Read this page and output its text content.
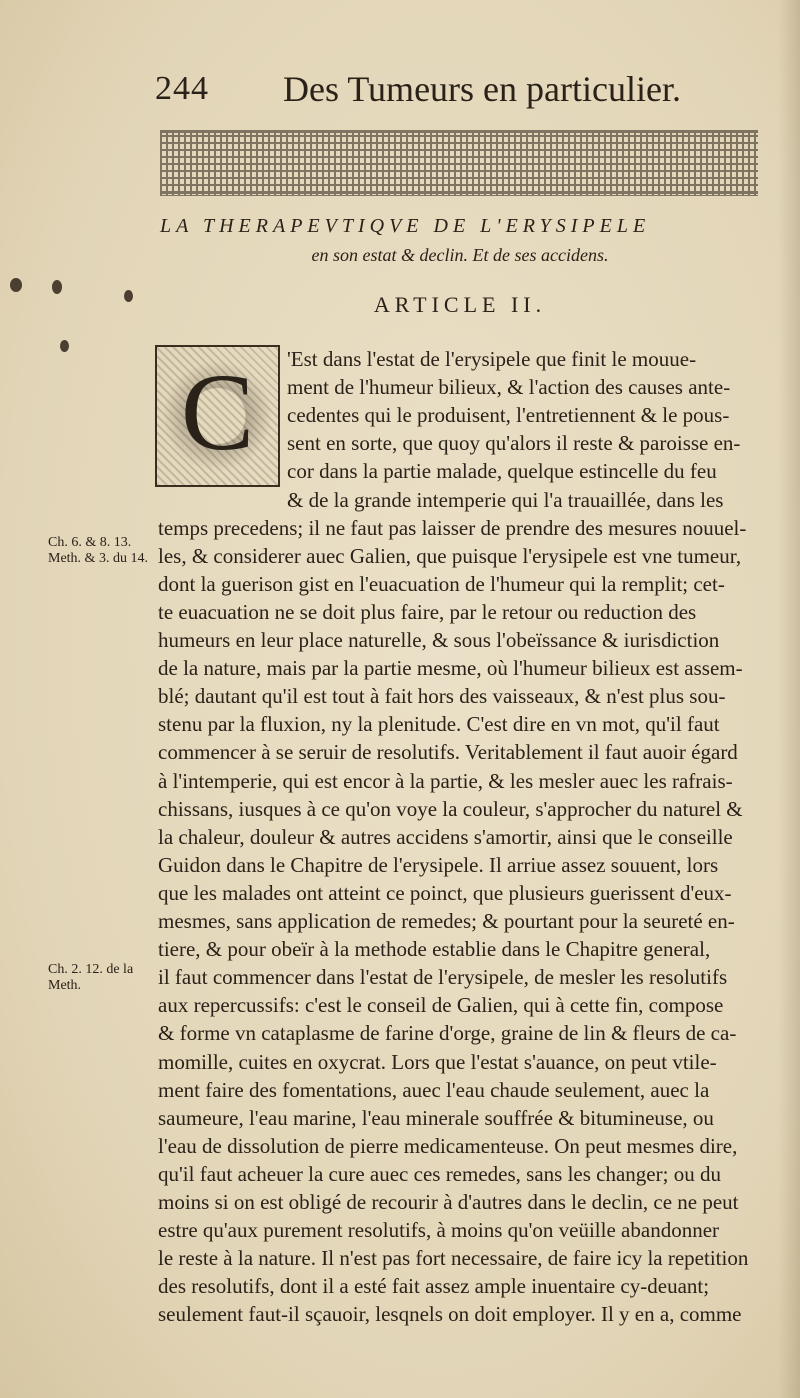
244 Des Tumeurs en particulier.
LA THERAPEVTIQVE DE L'ERYSIPELE
en son estat & declin. Et de ses accidens.
ARTICLE II.
C	'Est dans l'estat de l'erysipele que finit le mouue-
ment de l'humeur bilieux, & l'action des causes ante-
cedentes qui le produisent, l'entretiennent & le pous-
sent en sorte, que quoy qu'alors il reste & paroisse en-
cor dans la partie malade, quelque estincelle du feu
& de la grande intemperie qui l'a trauaillée, dans les
temps precedens; il ne faut pas laisser de prendre des mesures nouuel-
les, & considerer auec Galien, que puisque l'erysipele est vne tumeur,
dont la guerison gist en l'euacuation de l'humeur qui la remplit; cet-
te euacuation ne se doit plus faire, par le retour ou reduction des
humeurs en leur place naturelle, & sous l'obeïssance & iurisdiction
de la nature, mais par la partie mesme, où l'humeur bilieux est assem-
blé; dautant qu'il est tout à fait hors des vaisseaux, & n'est plus sou-
stenu par la fluxion, ny la plenitude. C'est dire en vn mot, qu'il faut
commencer à se seruir de resolutifs. Veritablement il faut auoir égard
à l'intemperie, qui est encor à la partie, & les mesler auec les rafrais-
chissans, iusques à ce qu'on voye la couleur, s'approcher du naturel &
la chaleur, douleur & autres accidens s'amortir, ainsi que le conseille
Guidon dans le Chapitre de l'erysipele. Il arriue assez souuent, lors
que les malades ont atteint ce poinct, que plusieurs guerissent d'eux-
mesmes, sans application de remedes; & pourtant pour la seureté en-
tiere, & pour obeïr à la methode establie dans le Chapitre general,
il faut commencer dans l'estat de l'erysipele, de mesler les resolutifs
aux repercussifs: c'est le conseil de Galien, qui à cette fin, compose
& forme vn cataplasme de farine d'orge, graine de lin & fleurs de ca-
momille, cuites en oxycrat. Lors que l'estat s'auance, on peut vtile-
ment faire des fomentations, auec l'eau chaude seulement, auec la
saumeure, l'eau marine, l'eau minerale souffrée & bitumineuse, ou
l'eau de dissolution de pierre medicamenteuse. On peut mesmes dire,
qu'il faut acheuer la cure auec ces remedes, sans les changer; ou du
moins si on est obligé de recourir à d'autres dans le declin, ce ne peut
estre qu'aux purement resolutifs, à moins qu'on veüille abandonner
le reste à la nature. Il n'est pas fort necessaire, de faire icy la repetition
des resolutifs, dont il a esté fait assez ample inuentaire cy-deuant;
seulement faut-il sçauoir, lesqnels on doit employer. Il y en a, comme
Ch. 6. & 8. 13. Meth. & 3. du 14.
Ch. 2. 12. de la Meth.
